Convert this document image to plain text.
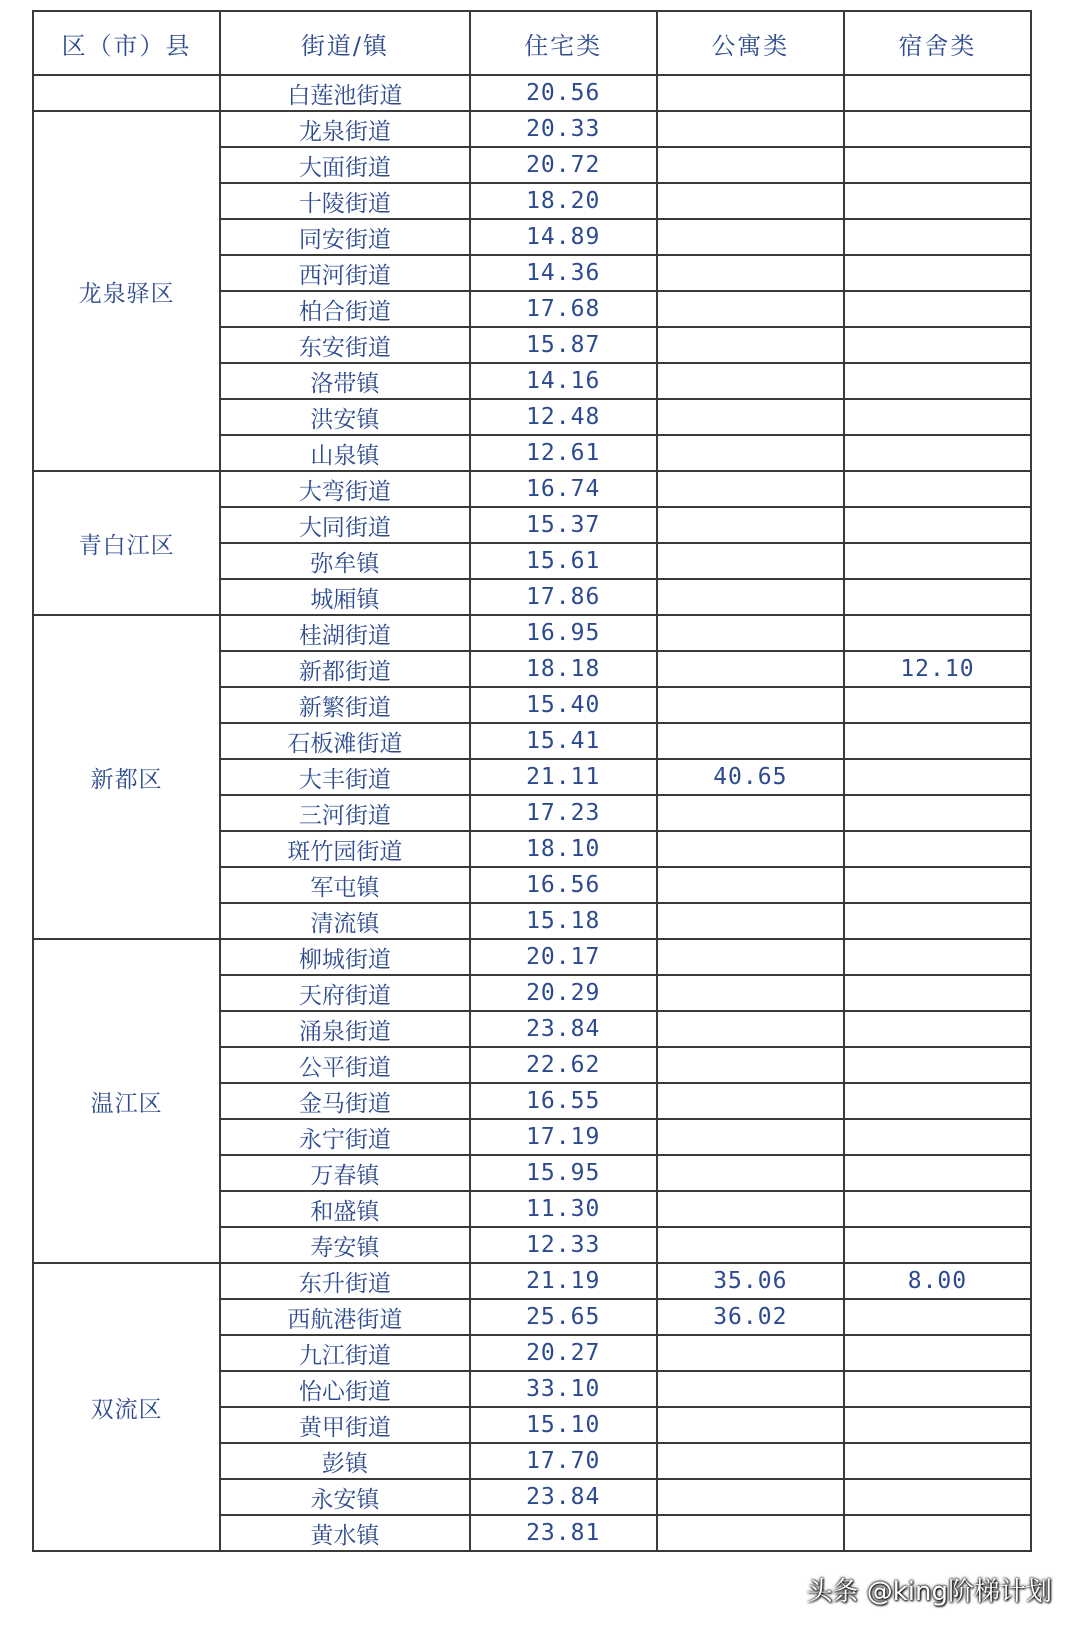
区（市）县	街道/镇	住宅类	公寓类	宿舍类
	白莲池街道	20.56		
龙泉驿区	龙泉街道	20.33		
	大面街道	20.72		
	十陵街道	18.20		
	同安街道	14.89		
	西河街道	14.36		
	柏合街道	17.68		
	东安街道	15.87		
	洛带镇	14.16		
	洪安镇	12.48		
	山泉镇	12.61		
青白江区	大弯街道	16.74		
	大同街道	15.37		
	弥牟镇	15.61		
	城厢镇	17.86		
新都区	桂湖街道	16.95		
	新都街道	18.18		12.10
	新繁街道	15.40		
	石板滩街道	15.41		
	大丰街道	21.11	40.65	
	三河街道	17.23		
	斑竹园街道	18.10		
	军屯镇	16.56		
	清流镇	15.18		
温江区	柳城街道	20.17		
	天府街道	20.29		
	涌泉街道	23.84		
	公平街道	22.62		
	金马街道	16.55		
	永宁街道	17.19		
	万春镇	15.95		
	和盛镇	11.30		
	寿安镇	12.33		
双流区	东升街道	21.19	35.06	8.00
	西航港街道	25.65	36.02	
	九江街道	20.27		
	怡心街道	33.10		
	黄甲街道	15.10		
	彭镇	17.70		
	永安镇	23.84		
	黄水镇	23.81		
头条 @king阶梯计划
